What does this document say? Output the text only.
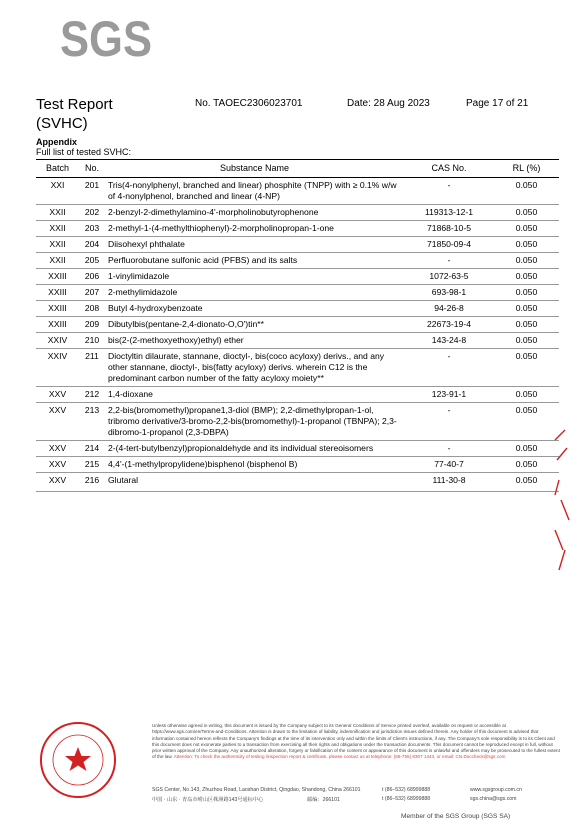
SGS
Test Report
(SVHC)
No. TAOEC2306023701	Date: 28 Aug 2023	Page 17 of 21
Appendix
Full list of tested SVHC:
Batch	No.	Substance Name	CAS No.	RL (%)
XXI	201	Tris(4-nonylphenyl, branched and linear) phosphite (TNPP) with ≥ 0.1% w/w of 4-nonylphenol, branched and linear (4-NP)	-	0.050
XXII	202	2-benzyl-2-dimethylamino-4'-morpholinobutyrophenone	119313-12-1	0.050
XXII	203	2-methyl-1-(4-methylthiophenyl)-2-morpholinopropan-1-one	71868-10-5	0.050
XXII	204	Diisohexyl phthalate	71850-09-4	0.050
XXII	205	Perfluorobutane sulfonic acid (PFBS) and its salts	-	0.050
XXIII	206	1-vinylimidazole	1072-63-5	0.050
XXIII	207	2-methylimidazole	693-98-1	0.050
XXIII	208	Butyl 4-hydroxybenzoate	94-26-8	0.050
XXIII	209	Dibutylbis(pentane-2,4-dionato-O,O')tin**	22673-19-4	0.050
XXIV	210	bis(2-(2-methoxyethoxy)ethyl) ether	143-24-8	0.050
XXIV	211	Dioctyltin dilaurate, stannane, dioctyl-, bis(coco acyloxy) derivs., and any other stannane, dioctyl-, bis(fatty acyloxy) derivs. wherein C12 is the predominant carbon number of the fatty acyloxy moiety**	-	0.050
XXV	212	1,4-dioxane	123-91-1	0.050
XXV	213	2,2-bis(bromomethyl)propane1,3-diol (BMP); 2,2-dimethylpropan-1-ol, tribromo derivative/3-bromo-2,2-bis(bromomethyl)-1-propanol (TBNPA); 2,3-dibromo-1-propanol (2,3-DBPA)	-	0.050
XXV	214	2-(4-tert-butylbenzyl)propionaldehyde and its individual stereoisomers	-	0.050
XXV	215	4,4'-(1-methylpropylidene)bisphenol (bisphenol B)	77-40-7	0.050
XXV	216	Glutaral	111-30-8	0.050
Unless otherwise agreed in writing, this document is issued by the Company subject to its General Conditions of Service printed overleaf, available on request or accessible at https://www.sgs.com/en/Terms-and-Conditions. Attention is drawn to the limitation of liability, indemnification and jurisdiction issues defined therein. Any holder of this document is advised that information contained hereon reflects the Company's findings at the time of its intervention only and within the limits of Client's instructions, if any. The Company's sole responsibility is to its Client and this document does not exonerate parties to a transaction from exercising all their rights and obligations under the transaction documents. This document cannot be reproduced except in full, without prior written approval of the Company. Any unauthorized alteration, forgery or falsification of the content or appearance of this document is unlawful and offenders may be prosecuted to the fullest extent of the law. Attention: To check the authenticity of testing /inspection report & certificate, please contact us at telephone: (86-755) 8307 1443, or email: CN.Doccheck@sgs.com
SGS Center, No.143, Zhuzhou Road, Laoshan District, Qingdao, Shandong, China 266101	t (86–532) 68999888	www.sgsgroup.com.cn
中国 · 山东 · 青岛市崂山区株洲路143号通标中心	邮编：266101	t (86–532) 68999888	sgs.china@sgs.com
Member of the SGS Group (SGS SA)
